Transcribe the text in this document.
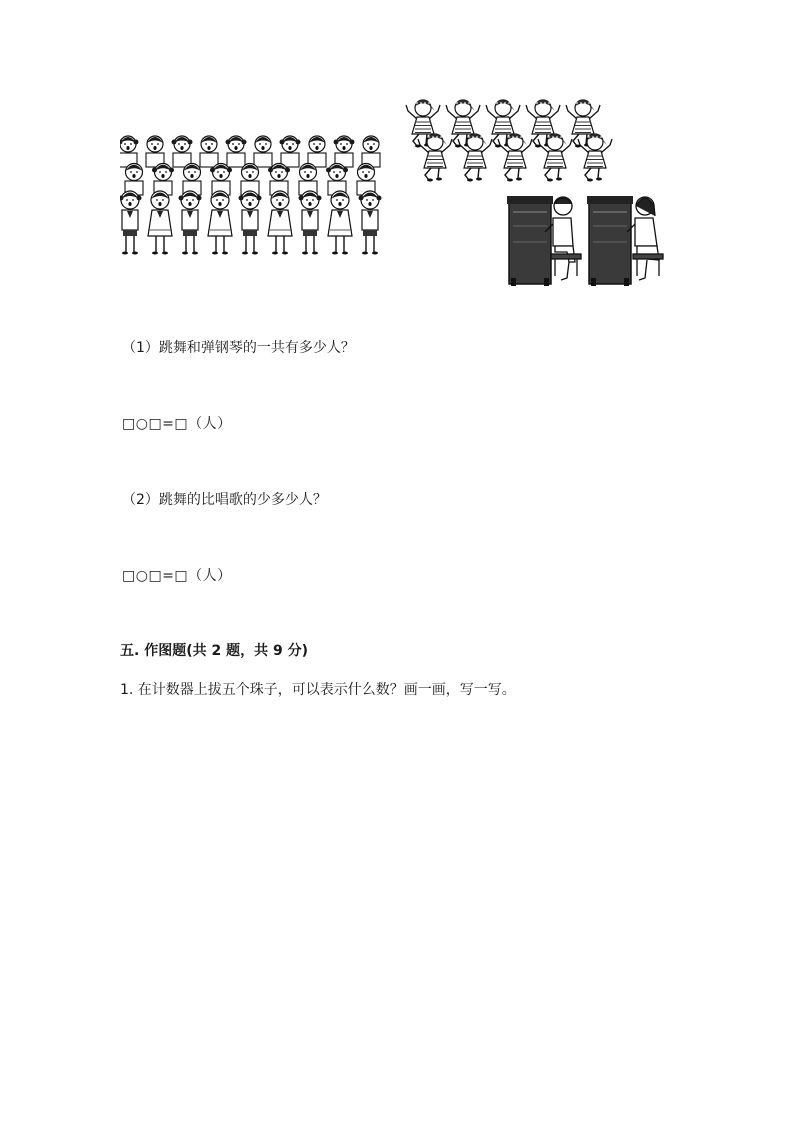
（1）跳舞和弹钢琴的一共有多少人？
□○□=□（人）
（2）跳舞的比唱歌的少多少人？
□○□=□（人）
五. 作图题(共 2 题，共 9 分)
1. 在计数器上拔五个珠子，可以表示什么数？画一画，写一写。
